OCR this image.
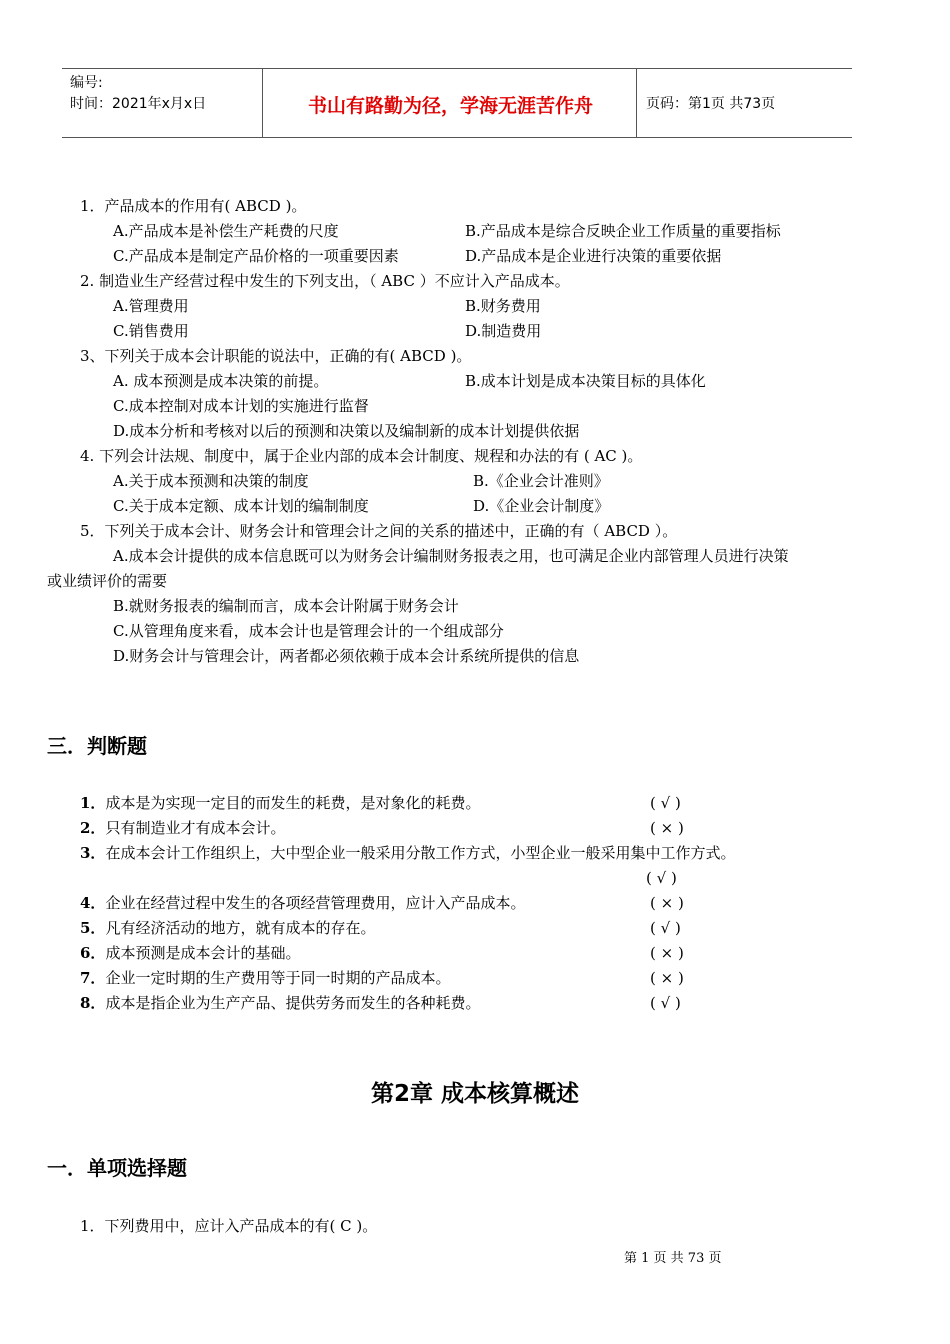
编号:
时间：2021年x月x日	书山有路勤为径，学海无涯苦作舟	页码：第1页 共73页
1．产品成本的作用有( ABCD )。
A.产品成本是补偿生产耗费的尺度	B.产品成本是综合反映企业工作质量的重要指标
C.产品成本是制定产品价格的一项重要因素	D.产品成本是企业进行决策的重要依据
2. 制造业生产经营过程中发生的下列支出，（ ABC ）不应计入产品成本。
A.管理费用	B.财务费用
C.销售费用	D.制造费用
3、下列关于成本会计职能的说法中，正确的有( ABCD )。
A. 成本预测是成本决策的前提。	B.成本计划是成本决策目标的具体化
C.成本控制对成本计划的实施进行监督
D.成本分析和考核对以后的预测和决策以及编制新的成本计划提供依据
4. 下列会计法规、制度中，属于企业内部的成本会计制度、规程和办法的有 ( AC )。
A.关于成本预测和决策的制度	B.《企业会计准则》
C.关于成本定额、成本计划的编制制度	D.《企业会计制度》
5．下列关于成本会计、财务会计和管理会计之间的关系的描述中，正确的有（ ABCD ）。
A.成本会计提供的成本信息既可以为财务会计编制财务报表之用，也可满足企业内部管理人员进行决策
或业绩评价的需要
B.就财务报表的编制而言，成本会计附属于财务会计
C.从管理角度来看，成本会计也是管理会计的一个组成部分
D.财务会计与管理会计，两者都必须依赖于成本会计系统所提供的信息
三．判断题
1．成本是为实现一定目的而发生的耗费，是对象化的耗费。	( √ )
2．只有制造业才有成本会计。	( × )
3．在成本会计工作组织上，大中型企业一般采用分散工作方式，小型企业一般采用集中工作方式。
( √ )
4．企业在经营过程中发生的各项经营管理费用，应计入产品成本。	( × )
5．凡有经济活动的地方，就有成本的存在。	( √ )
6．成本预测是成本会计的基础。	( × )
7．企业一定时期的生产费用等于同一时期的产品成本。	( × )
8．成本是指企业为生产产品、提供劳务而发生的各种耗费。	( √ )
第2章 成本核算概述
一．单项选择题
1．下列费用中，应计入产品成本的有( C )。
第 1 页 共 73 页
